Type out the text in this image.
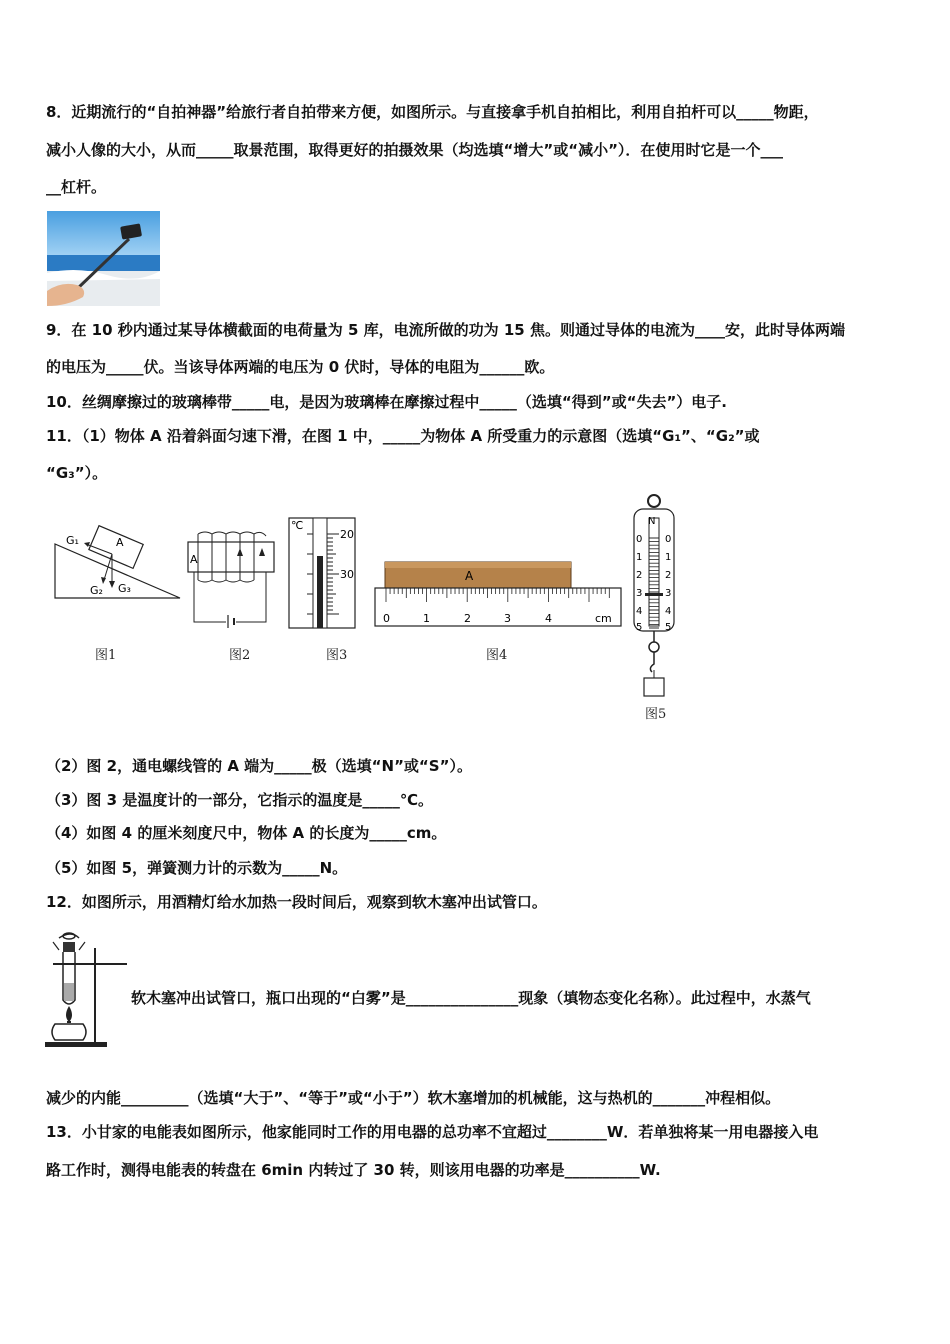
8．近期流行的“自拍神器”给旅行者自拍带来方便，如图所示。与直接拿手机自拍相比，利用自拍杆可以_____物距，
减小人像的大小，从而_____取景范围，取得更好的拍摄效果（均选填“增大”或“减小”）．在使用时它是一个___
__杠杆。
9．在 10 秒内通过某导体横截面的电荷量为 5 库，电流所做的功为 15 焦。则通过导体的电流为____安，此时导体两端
的电压为_____伏。当该导体两端的电压为 0 伏时，导体的电阻为______欧。
10．丝绸摩擦过的玻璃棒带_____电，是因为玻璃棒在摩擦过程中_____（选填“得到”或“失去”）电子.
11．（1）物体 A 沿着斜面匀速下滑，在图 1 中，_____为物体 A 所受重力的示意图（选填“G₁”、“G₂”或
“G₃”）。
G₁	A
G₂ G₃
图1
A
图2
℃
20
30
图3
A
0	1	2	3	4	cm
图4
N
0
1
2
3
4
5
0
1
2
3
4
5
图5
（2）图 2，通电螺线管的 A 端为_____极（选填“N”或“S”）。
（3）图 3 是温度计的一部分，它指示的温度是_____℃。
（4）如图 4 的厘米刻度尺中，物体 A 的长度为_____cm。
（5）如图 5，弹簧测力计的示数为_____N。
12．如图所示，用酒精灯给水加热一段时间后，观察到软木塞冲出试管口。
软木塞冲出试管口，瓶口出现的“白雾”是_______________现象（填物态变化名称）。此过程中，水蒸气
减少的内能_________（选填“大于”、“等于”或“小于”）软木塞增加的机械能，这与热机的_______冲程相似。
13．小甘家的电能表如图所示，他家能同时工作的用电器的总功率不宜超过________W．若单独将某一用电器接入电
路工作时，测得电能表的转盘在 6min 内转过了 30 转，则该用电器的功率是__________W.
